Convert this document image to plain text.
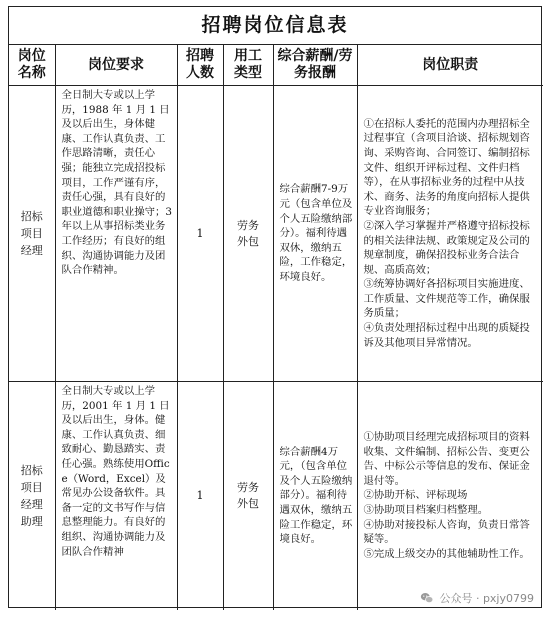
招聘岗位信息表
岗位名称	岗位要求	招聘人数	用工类型	综合薪酬/劳务报酬	岗位职责
招标项目经理	全日制大专或以上学历，1988 年 1 月 1 日及以后出生，身体健康、工作认真负责、工作思路清晰，责任心强；能独立完成招投标项目，工作严谨有序，责任心强，具有良好的职业道德和职业操守；3年以上从事招标类业务工作经历；有良好的组织、沟通协调能力及团队合作精神。	1	劳务外包	综合薪酬7-9万元（包含单位及个人五险缴纳部分）。福利待遇双休，缴纳五险，工作稳定，环境良好。	①在招标人委托的范围内办理招标全过程事宜（含项目洽谈、招标规划咨询、采购咨询、合同签订、编制招标文件、组织开评标过程、文件归档等），在从事招标业务的过程中从技术、商务、法务的角度向招标人提供专业咨询服务；
②深入学习掌握并严格遵守招标投标的相关法律法规、政策规定及公司的规章制度，确保招投标业务合法合规、高质高效；
③统筹协调好各招标项目实施进度、工作质量、文件规范等工作，确保服务质量；
④负责处理招标过程中出现的质疑投诉及其他项目异常情况。

招标项目经理助理	全日制大专或以上学历，2001 年 1 月 1 日及以后出生，身体。健康、工作认真负责、细致耐心、勤恳踏实、责任心强。熟练使用Office（Word，Excel）及常见办公设备软件。具备一定的文书写作与信息整理能力。有良好的组织、沟通协调能力及团队合作精神	1	劳务外包	综合薪酬4万元，（包含单位及个人五险缴纳部分）。福利待遇双休，缴纳五险工作稳定，环境良好。	①协助项目经理完成招标项目的资料收集、文件编制、招标公告、变更公告、中标公示等信息的发布、保证金退付等。
②协助开标、评标现场
③协助项目档案归档整理。
④协助对接投标人咨询，负责日常答疑等。
⑤完成上级交办的其他辅助性工作。
公众号 · pxjy0799
